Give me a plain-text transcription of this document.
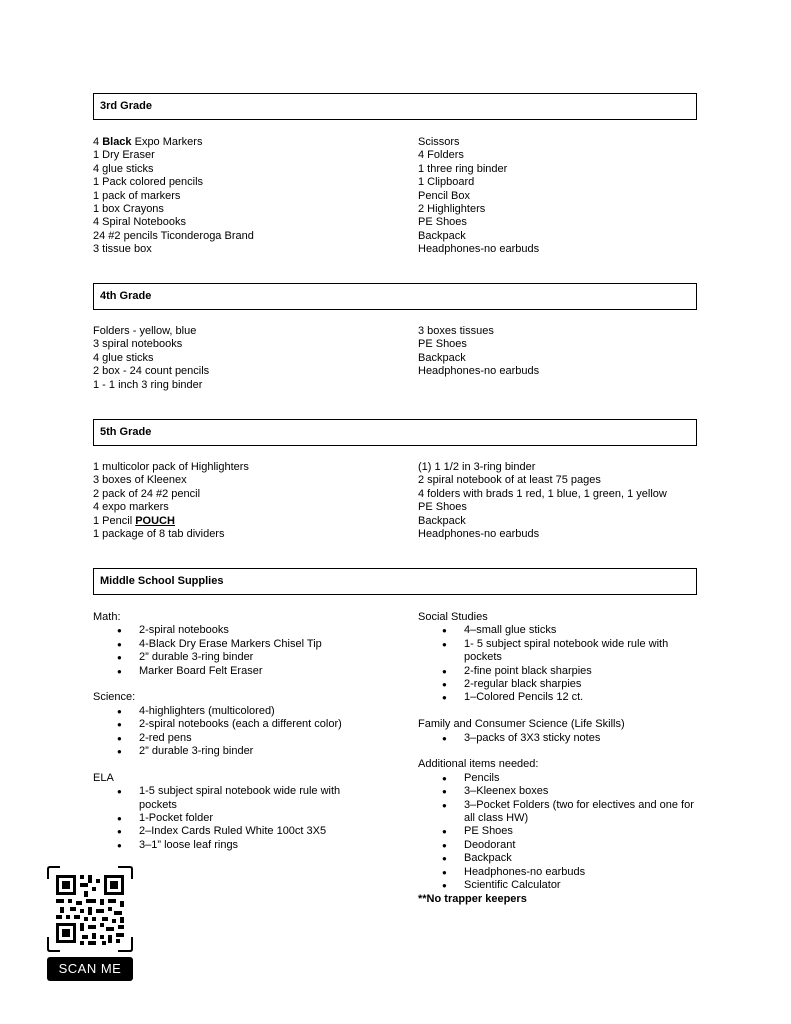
3rd Grade
4 Black Expo Markers
1 Dry Eraser
4 glue sticks
1 Pack colored pencils
1 pack of markers
1 box Crayons
4 Spiral Notebooks
24 #2 pencils Ticonderoga Brand
3 tissue box
Scissors
4 Folders
1 three ring binder
1 Clipboard
Pencil Box
2 Highlighters
PE Shoes
Backpack
Headphones-no earbuds
4th Grade
Folders - yellow, blue
3 spiral notebooks
4 glue sticks
2 box - 24 count pencils
1 - 1 inch 3 ring binder
3 boxes tissues
PE Shoes
Backpack
Headphones-no earbuds
5th Grade
1 multicolor pack of Highlighters
3 boxes of Kleenex
2 pack of 24 #2 pencil
4 expo markers
1 Pencil POUCH
1 package of 8 tab dividers
(1) 1 1/2 in 3-ring binder
2 spiral notebook of at least 75 pages
4 folders with brads 1 red, 1 blue, 1 green, 1 yellow
PE Shoes
Backpack
Headphones-no earbuds
Middle School Supplies
Math:
● 2-spiral notebooks
● 4-Black Dry Erase Markers Chisel Tip
● 2” durable 3-ring binder
● Marker Board Felt Eraser
Science:
● 4-highlighters (multicolored)
● 2-spiral notebooks (each a different color)
● 2-red pens
● 2” durable 3-ring binder
ELA
● 1-5 subject spiral notebook wide rule with pockets
● 1-Pocket folder
● 2–Index Cards Ruled White 100ct 3X5
● 3–1” loose leaf rings
Social Studies
● 4–small glue sticks
● 1- 5 subject spiral notebook wide rule with pockets
● 2-fine point black sharpies
● 2-regular black sharpies
● 1–Colored Pencils 12 ct.
Family and Consumer Science (Life Skills)
● 3–packs of 3X3 sticky notes
Additional items needed:
● Pencils
● 3–Kleenex boxes
● 3–Pocket Folders (two for electives and one for all class HW)
● PE Shoes
● Deodorant
● Backpack
● Headphones-no earbuds
● Scientific Calculator
**No trapper keepers
SCAN ME
